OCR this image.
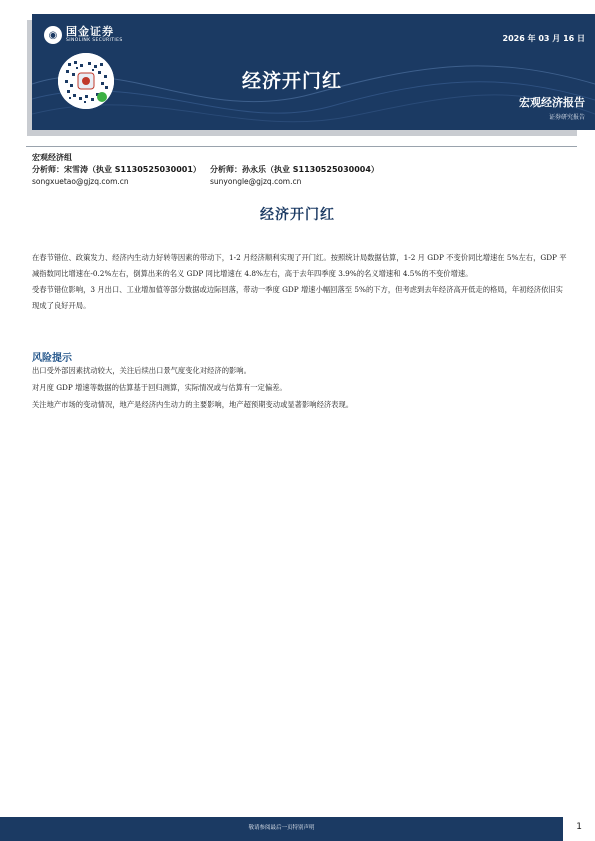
◉ 国金证券
SINOLINK SECURITIES	2026 年 03 月 16 日
经济开门红
宏观经济报告
证券研究报告
宏观经济组
分析师：宋雪涛（执业 S1130525030001）	分析师：孙永乐（执业 S1130525030004）
songxuetao@gjzq.com.cn	sunyongle@gjzq.com.cn
经济开门红

在春节错位、政策发力、经济内生动力好转等因素的带动下，1-2 月经济顺利实现了开门红。按照统计局数据估算，1-2 月 GDP 不变价同比增速在 5%左右，GDP 平减指数同比增速在-0.2%左右，倒算出来的名义 GDP 同比增速在 4.8%左右，高于去年四季度 3.9%的名义增速和 4.5%的不变价增速。

受春节错位影响，3 月出口、工业增加值等部分数据或边际回落，带动一季度 GDP 增速小幅回落至 5%的下方，但考虑到去年经济高开低走的格局，年初经济依旧实现成了良好开局。

风险提示

出口受外部因素扰动较大，关注后续出口景气度变化对经济的影响。

对月度 GDP 增速等数据的估算基于回归测算，实际情况或与估算有一定偏差。

关注地产市场的变动情况，地产是经济内生动力的主要影响，地产超预期变动或显著影响经济表现。

敬请参阅最后一页特别声明	1
